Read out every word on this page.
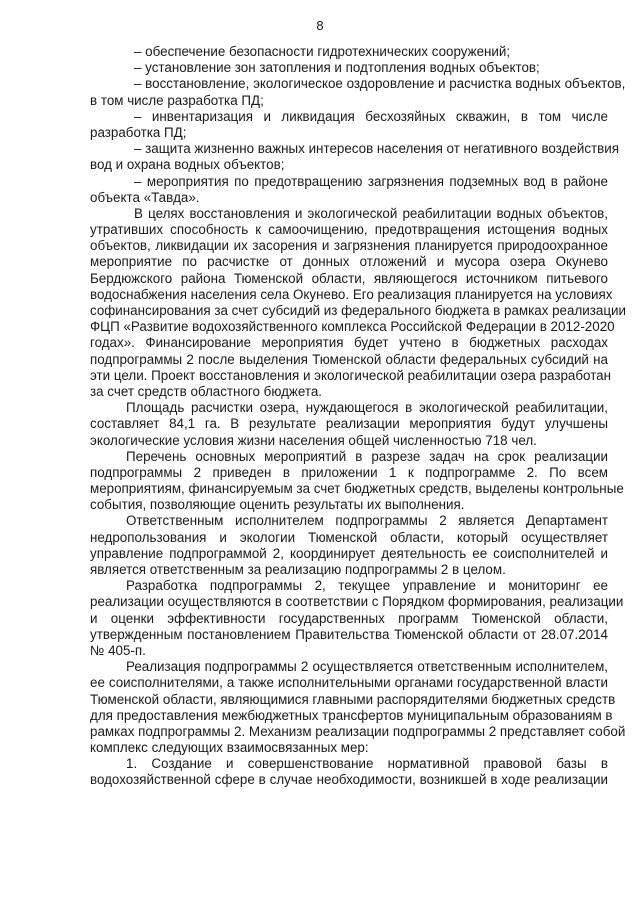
8
– обеспечение безопасности гидротехнических сооружений;
– установление зон затопления и подтопления водных объектов;
– восстановление, экологическое оздоровление и расчистка водных объектов,
в том числе разработка ПД;
– инвентаризация и ликвидация бесхозяйных скважин, в том числе
разработка ПД;
– защита жизненно важных интересов населения от негативного воздействия
вод и охрана водных объектов;
– мероприятия по предотвращению загрязнения подземных вод в районе
объекта «Тавда».
В целях восстановления и экологической реабилитации водных объектов,
утративших способность к самоочищению, предотвращения истощения водных
объектов, ликвидации их засорения и загрязнения планируется природоохранное
мероприятие по расчистке от донных отложений и мусора озера Окунево
Бердюжского района Тюменской области, являющегося источником питьевого
водоснабжения населения села Окунево. Его реализация планируется на условиях
софинансирования за счет субсидий из федерального бюджета в рамках реализации
ФЦП «Развитие водохозяйственного комплекса Российской Федерации в 2012-2020
годах». Финансирование мероприятия будет учтено в бюджетных расходах
подпрограммы 2 после выделения Тюменской области федеральных субсидий на
эти цели. Проект восстановления и экологической реабилитации озера разработан
за счет средств областного бюджета.
Площадь расчистки озера, нуждающегося в экологической реабилитации,
составляет 84,1 га. В результате реализации мероприятия будут улучшены
экологические условия жизни населения общей численностью 718 чел.
Перечень основных мероприятий в разрезе задач на срок реализации
подпрограммы 2 приведен в приложении 1 к подпрограмме 2. По всем
мероприятиям, финансируемым за счет бюджетных средств, выделены контрольные
события, позволяющие оценить результаты их выполнения.
Ответственным исполнителем подпрограммы 2 является Департамент
недропользования и экологии Тюменской области, который осуществляет
управление подпрограммой 2, координирует деятельность ее соисполнителей и
является ответственным за реализацию подпрограммы 2 в целом.
Разработка подпрограммы 2, текущее управление и мониторинг ее
реализации осуществляются в соответствии с Порядком формирования, реализации
и оценки эффективности государственных программ Тюменской области,
утвержденным постановлением Правительства Тюменской области от 28.07.2014
№ 405-п.
Реализация подпрограммы 2 осуществляется ответственным исполнителем,
ее соисполнителями, а также исполнительными органами государственной власти
Тюменской области, являющимися главными распорядителями бюджетных средств
для предоставления межбюджетных трансфертов муниципальным образованиям в
рамках подпрограммы 2. Механизм реализации подпрограммы 2 представляет собой
комплекс следующих взаимосвязанных мер:
1. Создание и совершенствование нормативной правовой базы в
водохозяйственной сфере в случае необходимости, возникшей в ходе реализации
